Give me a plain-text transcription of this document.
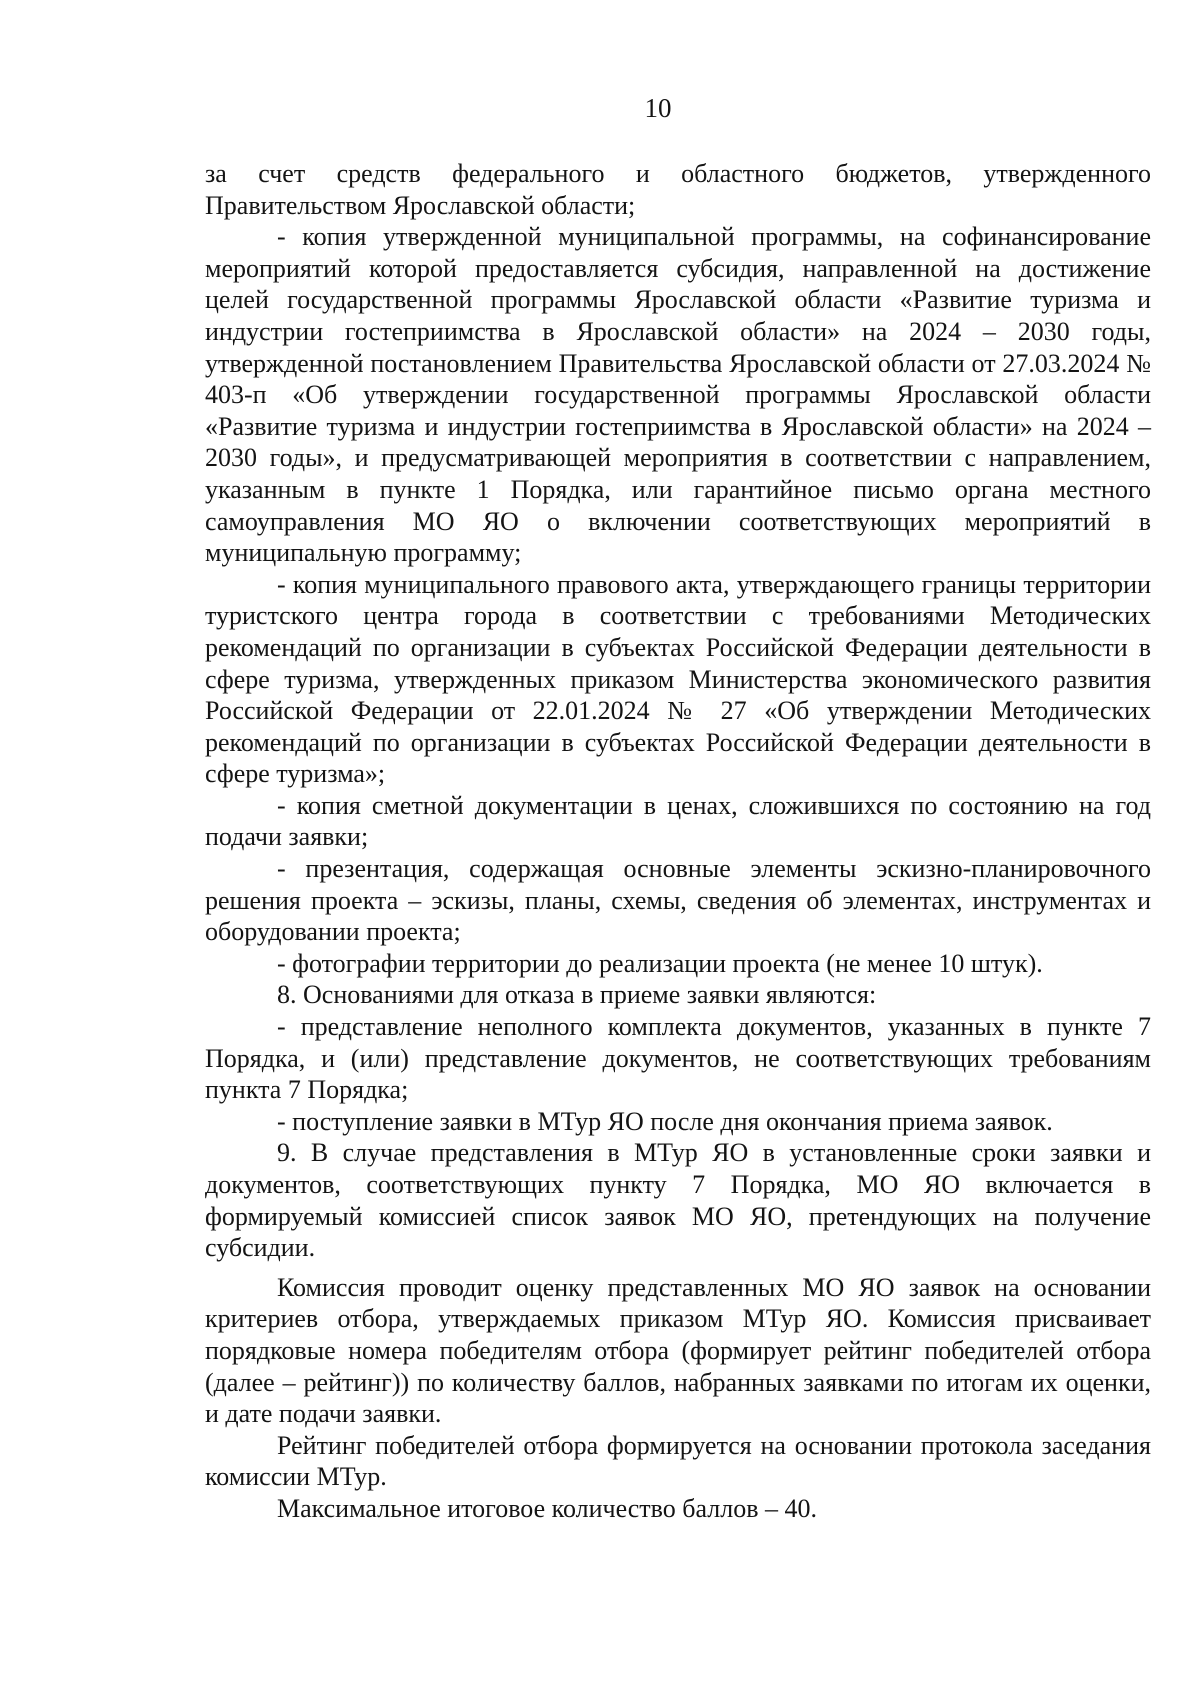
10

за счет средств федерального и областного бюджетов, утвержденного Правительством Ярославской области;

- копия утвержденной муниципальной программы, на софинансирование мероприятий которой предоставляется субсидия, направленной на достижение целей государственной программы Ярославской области «Развитие туризма и индустрии гостеприимства в Ярославской области» на 2024 – 2030 годы, утвержденной постановлением Правительства Ярославской области от 27.03.2024 № 403-п «Об утверждении государственной программы Ярославской области «Развитие туризма и индустрии гостеприимства в Ярославской области» на 2024 – 2030 годы», и предусматривающей мероприятия в соответствии с направлением, указанным в пункте 1 Порядка, или гарантийное письмо органа местного самоуправления МО ЯО о включении соответствующих мероприятий в муниципальную программу;

- копия муниципального правового акта, утверждающего границы территории туристского центра города в соответствии с требованиями Методических рекомендаций по организации в субъектах Российской Федерации деятельности в сфере туризма, утвержденных приказом Министерства экономического развития Российской Федерации от 22.01.2024 № 27 «Об утверждении Методических рекомендаций по организации в субъектах Российской Федерации деятельности в сфере туризма»;

- копия сметной документации в ценах, сложившихся по состоянию на год подачи заявки;

- презентация, содержащая основные элементы эскизно-планировочного решения проекта – эскизы, планы, схемы, сведения об элементах, инструментах и оборудовании проекта;

- фотографии территории до реализации проекта (не менее 10 штук).

8. Основаниями для отказа в приеме заявки являются:

- представление неполного комплекта документов, указанных в пункте 7 Порядка, и (или) представление документов, не соответствующих требованиям пункта 7 Порядка;

- поступление заявки в МТур ЯО после дня окончания приема заявок.

9. В случае представления в МТур ЯО в установленные сроки заявки и документов, соответствующих пункту 7 Порядка, МО ЯО включается в формируемый комиссией список заявок МО ЯО, претендующих на получение субсидии.

Комиссия проводит оценку представленных МО ЯО заявок на основании критериев отбора, утверждаемых приказом МТур ЯО. Комиссия присваивает порядковые номера победителям отбора (формирует рейтинг победителей отбора (далее – рейтинг)) по количеству баллов, набранных заявками по итогам их оценки, и дате подачи заявки.

Рейтинг победителей отбора формируется на основании протокола заседания комиссии МТур.

Максимальное итоговое количество баллов – 40.
